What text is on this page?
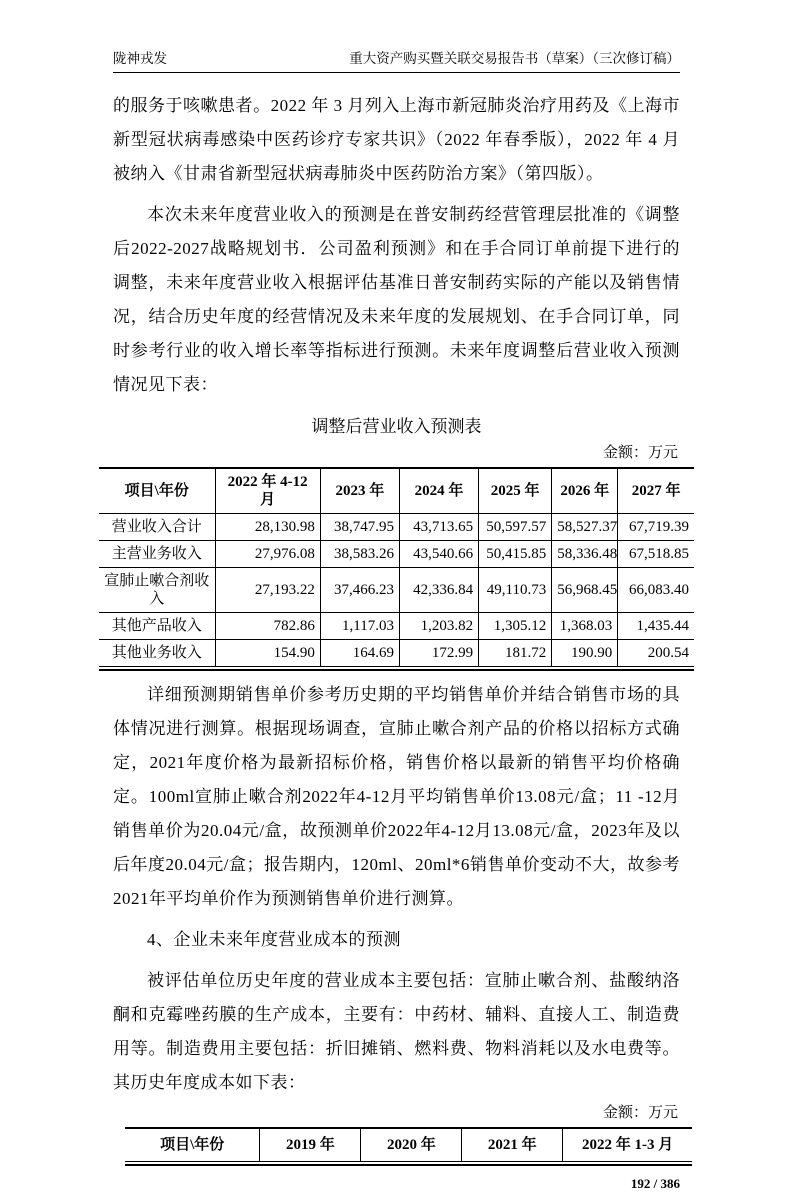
陇神戎发	重大资产购买暨关联交易报告书（草案）（三次修订稿）

的服务于咳嗽患者。2022 年 3 月列入上海市新冠肺炎治疗用药及《上海市新型冠状病毒感染中医药诊疗专家共识》（2022 年春季版），2022 年 4 月被纳入《甘肃省新型冠状病毒肺炎中医药防治方案》（第四版）。

本次未来年度营业收入的预测是在普安制药经营管理层批准的《调整后2022-2027战略规划书．公司盈利预测》和在手合同订单前提下进行的调整，未来年度营业收入根据评估基准日普安制药实际的产能以及销售情况，结合历史年度的经营情况及未来年度的发展规划、在手合同订单，同时参考行业的收入增长率等指标进行预测。未来年度调整后营业收入预测情况见下表：

调整后营业收入预测表
金额：万元
项目\年份	2022 年 4-12 月	2023 年	2024 年	2025 年	2026 年	2027 年
营业收入合计	28,130.98	38,747.95	43,713.65	50,597.57	58,527.37	67,719.39
主营业务收入	27,976.08	38,583.26	43,540.66	50,415.85	58,336.48	67,518.85
宣肺止嗽合剂收入	27,193.22	37,466.23	42,336.84	49,110.73	56,968.45	66,083.40
其他产品收入	782.86	1,117.03	1,203.82	1,305.12	1,368.03	1,435.44
其他业务收入	154.90	164.69	172.99	181.72	190.90	200.54

详细预测期销售单价参考历史期的平均销售单价并结合销售市场的具体情况进行测算。根据现场调查，宣肺止嗽合剂产品的价格以招标方式确定，2021年度价格为最新招标价格，销售价格以最新的销售平均价格确定。100ml宣肺止嗽合剂2022年4-12月平均销售单价13.08元/盒；11 -12月销售单价为20.04元/盒，故预测单价2022年4-12月13.08元/盒，2023年及以后年度20.04元/盒；报告期内，120ml、20ml*6销售单价变动不大，故参考2021年平均单价作为预测销售单价进行测算。

4、企业未来年度营业成本的预测

被评估单位历史年度的营业成本主要包括：宣肺止嗽合剂、盐酸纳洛酮和克霉唑药膜的生产成本，主要有：中药材、辅料、直接人工、制造费用等。制造费用主要包括：折旧摊销、燃料费、物料消耗以及水电费等。其历史年度成本如下表：

金额：万元
项目\年份	2019 年	2020 年	2021 年	2022 年 1-3 月
192 / 386
